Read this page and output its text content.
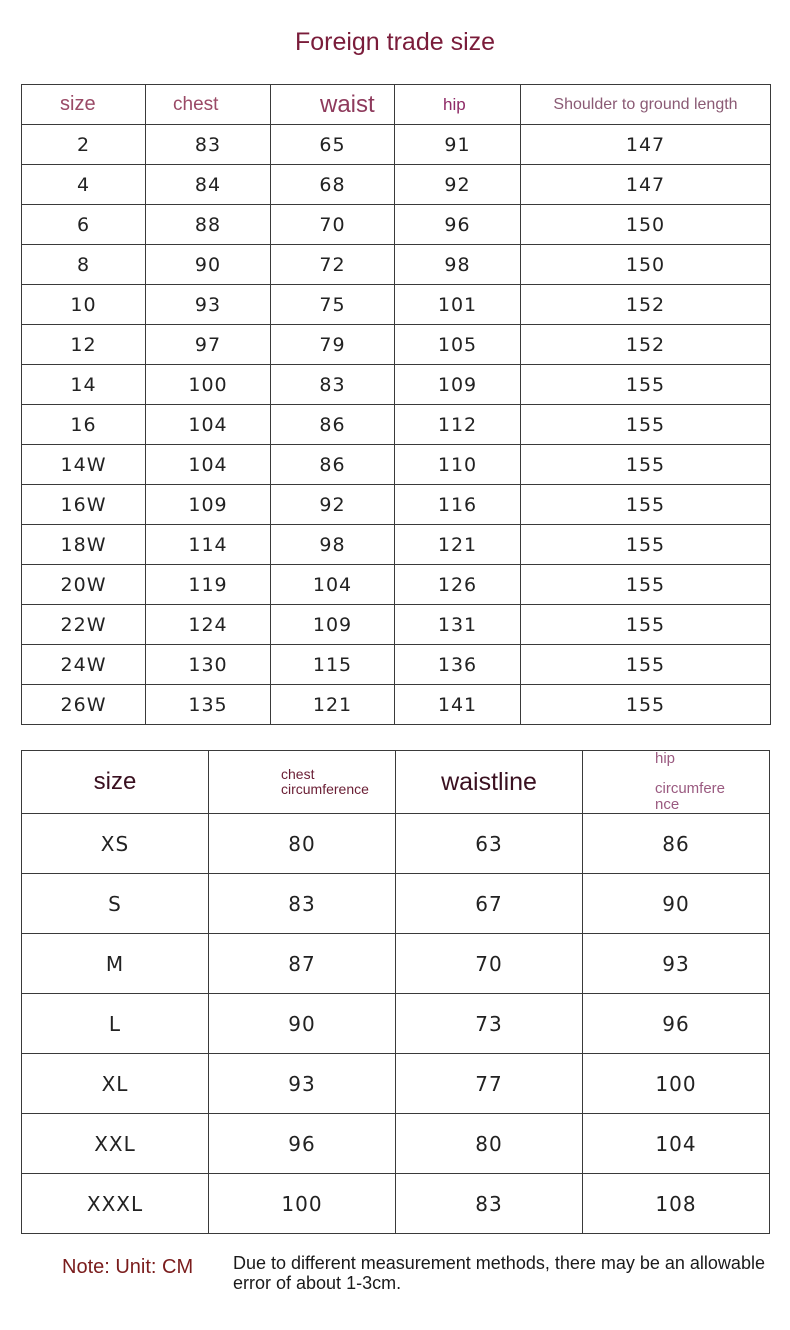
Foreign trade size
size	chest	waist	hip	Shoulder to ground length
2	83	65	91	147
4	84	68	92	147
6	88	70	96	150
8	90	72	98	150
10	93	75	101	152
12	97	79	105	152
14	100	83	109	155
16	104	86	112	155
14W	104	86	110	155
16W	109	92	116	155
18W	114	98	121	155
20W	119	104	126	155
22W	124	109	131	155
24W	130	115	136	155
26W	135	121	141	155
size	chest circumference	waistline	hip
circumfere nce

XS	80	63	86
S	83	67	90
M	87	70	93
L	90	73	96
XL	93	77	100
XXL	96	80	104
XXXL	100	83	108
Note: Unit: CM Due to different measurement methods, there may be an allowable error of about 1-3cm.
